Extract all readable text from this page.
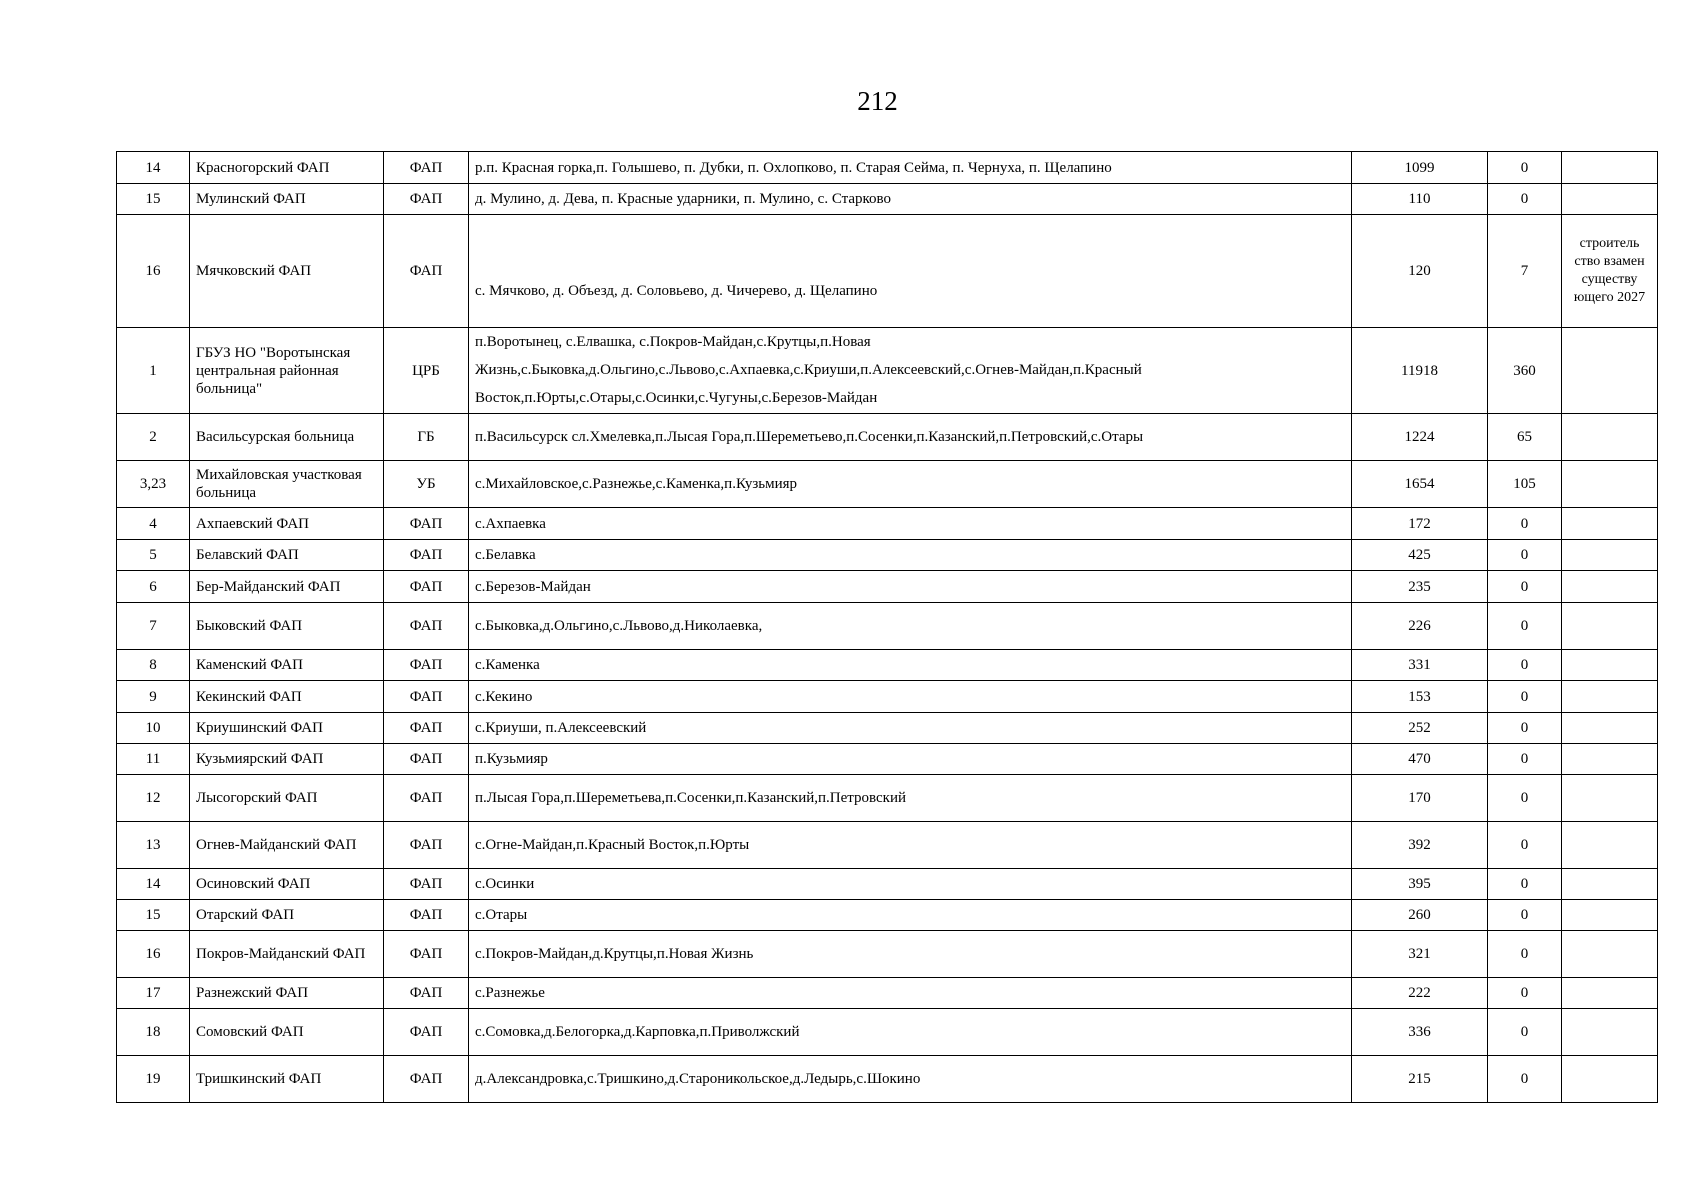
212
14	Красногорский ФАП	ФАП	р.п. Красная горка,п. Голышево, п. Дубки, п. Охлопково, п. Старая Сейма, п. Чернуха, п. Щелапино	1099	0	
15	Мулинский ФАП	ФАП	д. Мулино, д. Дева, п. Красные ударники, п. Мулино, с. Старково	110	0	
16	Мячковский ФАП	ФАП	с. Мячково, д. Объезд, д. Соловьево, д. Чичерево, д. Щелапино	120	7	строитель ство взамен существу ющего 2027
1	ГБУЗ НО "Воротынская центральная районная больница"	ЦРБ	п.Воротынец, с.Елвашка, с.Покров-Майдан,с.Крутцы,п.Новая Жизнь,с.Быковка,д.Ольгино,с.Львово,с.Ахпаевка,с.Криуши,п.Алексеевский,с.Огнев-Майдан,п.Красный Восток,п.Юрты,с.Отары,с.Осинки,с.Чугуны,с.Березов-Майдан	11918	360	
2	Васильсурская больница	ГБ	п.Васильсурск сл.Хмелевка,п.Лысая Гора,п.Шереметьево,п.Сосенки,п.Казанский,п.Петровский,с.Отары	1224	65	
3,23	Михайловская участковая больница	УБ	с.Михайловское,с.Разнежье,с.Каменка,п.Кузьмияр	1654	105	
4	Ахпаевский ФАП	ФАП	с.Ахпаевка	172	0	
5	Белавский ФАП	ФАП	с.Белавка	425	0	
6	Бер-Майданский ФАП	ФАП	с.Березов-Майдан	235	0	
7	Быковский ФАП	ФАП	с.Быковка,д.Ольгино,с.Львово,д.Николаевка,	226	0	
8	Каменский ФАП	ФАП	с.Каменка	331	0	
9	Кекинский ФАП	ФАП	с.Кекино	153	0	
10	Криушинский ФАП	ФАП	с.Криуши, п.Алексеевский	252	0	
11	Кузьмиярский ФАП	ФАП	п.Кузьмияр	470	0	
12	Лысогорский ФАП	ФАП	п.Лысая Гора,п.Шереметьева,п.Сосенки,п.Казанский,п.Петровский	170	0	
13	Огнев-Майданский ФАП	ФАП	с.Огне-Майдан,п.Красный Восток,п.Юрты	392	0	
14	Осиновский ФАП	ФАП	с.Осинки	395	0	
15	Отарский ФАП	ФАП	с.Отары	260	0	
16	Покров-Майданский ФАП	ФАП	с.Покров-Майдан,д.Крутцы,п.Новая Жизнь	321	0	
17	Разнежский ФАП	ФАП	с.Разнежье	222	0	
18	Сомовский ФАП	ФАП	с.Сомовка,д.Белогорка,д.Карповка,п.Приволжский	336	0	
19	Тришкинский ФАП	ФАП	д.Александровка,с.Тришкино,д.Староникольское,д.Ледырь,с.Шокино	215	0	
